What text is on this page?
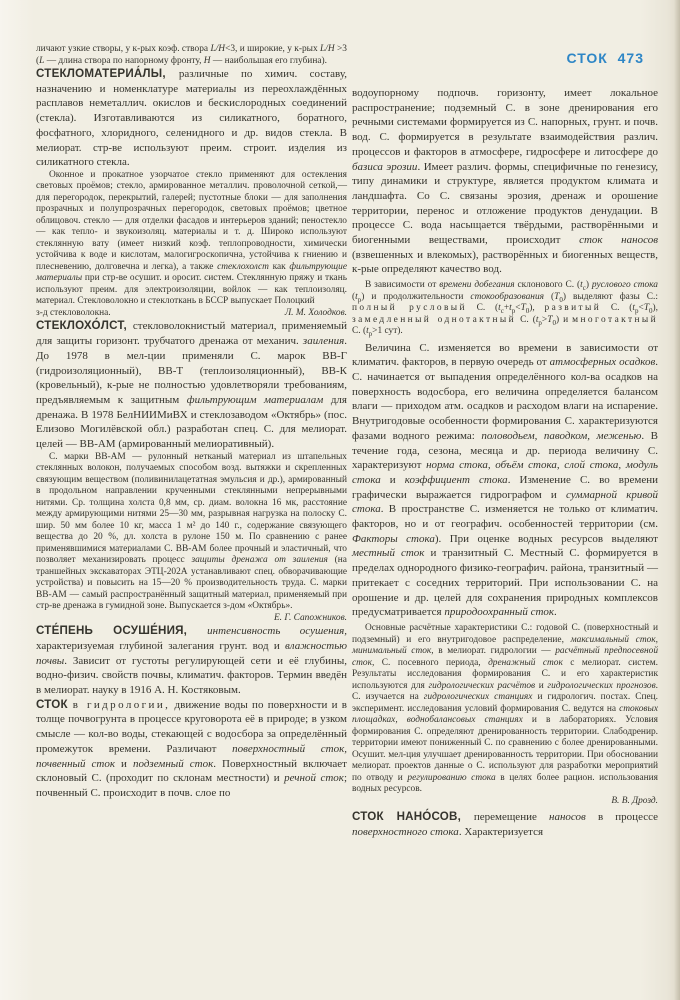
личают узкие створы, у к-рых коэф. створа L/H<3, и широкие, у к-рых L/H >3 (L — длина створа по напорному фронту, H — наибольшая его глубина).

СТЕКЛОМАТЕРИА́ЛЫ, различные по химич. составу, назначению и номенклатуре материалы из переохлаждённых расплавов неметаллич. окислов и бескислородных соединений (стекла). Изготавливаются из силикатного, боратного, фосфатного, хлоридного, селенидного и др. видов стекла. В мелиорат. стр-ве используют преим. строит. изделия из силикатного стекла.

Оконное и прокатное узорчатое стекло применяют для остекления световых проёмов; стекло, армированное металлич. проволочной сеткой,— для перегородок, перекрытий, галерей; пустотные блоки — для заполнения прозрачных и полупрозрачных перегородок, световых проёмов; цветное облицовоч. стекло — для отделки фасадов и интерьеров зданий; пеностекло — как тепло- и звукоизоляц. материалы и т. д. Широко используют стеклянную вату (имеет низкий коэф. теплопроводности, химически устойчива к воде и кислотам, малогигроскопична, устойчива к гниению и плесневению, долговечна и легка), а также стеклохолст как фильтрующие материалы при стр-ве осушит. и оросит. систем. Стеклянную пряжу и ткань используют преим. для электроизоляции, войлок — как теплоизоляц. материал. Стекловолокно и стеклоткань в БССР выпускает Полоцкий

з-д стекловолокна.	Л. М. Холодков.

СТЕКЛОХО́ЛСТ, стекловолокнистый материал, применяемый для защиты горизонт. трубчатого дренажа от механич. заиления. До 1978 в мел-ции применяли С. марок ВВ-Г (гидроизоляционный), ВВ-Т (теплоизоляционный), ВВ-К (кровельный), к-рые не полностью удовлетворяли требованиям, предъявляемым к защитным фильтрующим материалам для дренажа. В 1978 БелНИИМиВХ и стеклозаводом «Октябрь» (пос. Елизово Могилёвской обл.) разработан спец. С. для мелиорат. целей — ВВ-АМ (армированный мелиоративный).

С. марки ВВ-АМ — рулонный нетканый материал из штапельных стеклянных волокон, получаемых способом возд. вытяжки и скрепленных связующим веществом (поливинилацетатная эмульсия и др.), армированный в продольном направлении крученными стеклянными непрерывными нитями. Ср. толщина холста 0,8 мм, ср. диам. волокна 16 мк, расстояние между армирующими нитями 25—30 мм, разрывная нагрузка на полоску С. шир. 50 мм более 10 кг, масса 1 м² до 140 г., содержание связующего вещества до 20 %, дл. холста в рулоне 150 м. По сравнению с ранее применявшимися материалами С. ВВ-АМ более прочный и эластичный, что позволяет механизировать процесс защиты дренажа от заиления (на траншейных экскаваторах ЭТЦ-202А устанавливают спец. обворачивающие устройства) и повысить на 15—20 % производительность труда. С. марки ВВ-АМ — самый распространённый защитный материал, применяемый при стр-ве дренажа в гумидной зоне. Выпускается з-дом «Октябрь».

Е. Г. Сапожников.

СТЕ́ПЕНЬ ОСУШЕ́НИЯ, интенсивность осушения, характеризуемая глубиной залегания грунт. вод и влажностью почвы. Зависит от густоты регулирующей сети и её глубины, водно-физич. свойств почвы, климатич. факторов. Термин введён в мелиорат. науку в 1916 А. Н. Костяковым.

СТОК в гидрологии, движение воды по поверхности и в толще почвогрунта в процессе круговорота её в природе; в узком смысле — кол-во воды, стекающей с водосбора за определённый промежуток времени. Различают поверхностный сток, почвенный сток и подземный сток. Поверхностный включает склоновый С. (проходит по склонам местности) и речной сток; почвенный С. происходит в почв. слое по

СТОК 473

водоупорному подпочв. горизонту, имеет локальное распространение; подземный С. в зоне дренирования его речными системами формируется из С. напорных, грунт. и почв. вод. С. формируется в результате взаимодействия различ. процессов и факторов в атмосфере, гидросфере и литосфере до базиса эрозии. Имеет различ. формы, специфичные по генезису, типу динамики и структуре, является продуктом климата и ландшафта. Со С. связаны эрозия, дренаж и орошение территории, перенос и отложение продуктов денудации. В процессе С. вода насыщается твёрдыми, растворёнными и биогенными веществами, происходит сток наносов (взвешенных и влекомых), растворённых и биогенных веществ, к-рые определяют качество вод.

В зависимости от времени добегания склонового С. $(t_с)$ руслового стока $(t_р)$ и продолжительности стокообразования $(T_0)$ выделяют фазы С.: полный русловый С. $(t_с+t_р<T_0)$, развитый С. $(t_р<T_0)$, замедленный однотактный С. $(t_р>T_0)$ и многотактный С. ($t_р>1$ сут).

Величина С. изменяется во времени в зависимости от климатич. факторов, в первую очередь от атмосферных осадков. С. начинается от выпадения определённого кол-ва осадков на поверхность водосбора, его величина определяется балансом влаги — приходом атм. осадков и расходом влаги на испарение. Внутригодовые особенности формирования С. характеризуются фазами водного режима: половодьем, паводком, меженью. В течение года, сезона, месяца и др. периода величину С. характеризуют норма стока, объём стока, слой стока, модуль стока и коэффициент стока. Изменение С. во времени графически выражается гидрографом и суммарной кривой стока. В пространстве С. изменяется не только от климатич. факторов, но и от географич. особенностей территории (см. Факторы стока). При оценке водных ресурсов выделяют местный сток и транзитный С. Местный С. формируется в пределах однородного физико-географич. района, транзитный — притекает с соседних территорий. При использовании С. на орошение и др. целей для сохранения природных комплексов предусматривается природоохранный сток.

Основные расчётные характеристики С.: годовой С. (поверхностный и подземный) и его внутригодовое распределение, максимальный сток, минимальный сток, в мелиорат. гидрологии — расчётный предпосевной сток, С. посевного периода, дренажный сток с мелиорат. систем. Результаты исследования формирования С. и его характеристик используются для гидрологических расчётов и гидрологических прогнозов. С. изучается на гидрологических станциях и гидрологич. постах. Спец. эксперимент. исследования условий формирования С. ведутся на стоковых площадках, воднобалансовых станциях и в лабораториях. Условия формирования С. определяют дренированность территории. Слабодренир. территории имеют пониженный С. по сравнению с более дренированными. Осушит. мел-ция улучшает дренированность территории. При обосновании мелиорат. проектов данные о С. используют для разработки мероприятий по отводу и регулированию стока в целях более рацион. использования водных ресурсов.

В. В. Дрозд.

СТОК НАНО́СОВ, перемещение наносов в процессе поверхностного стока. Характеризуется
